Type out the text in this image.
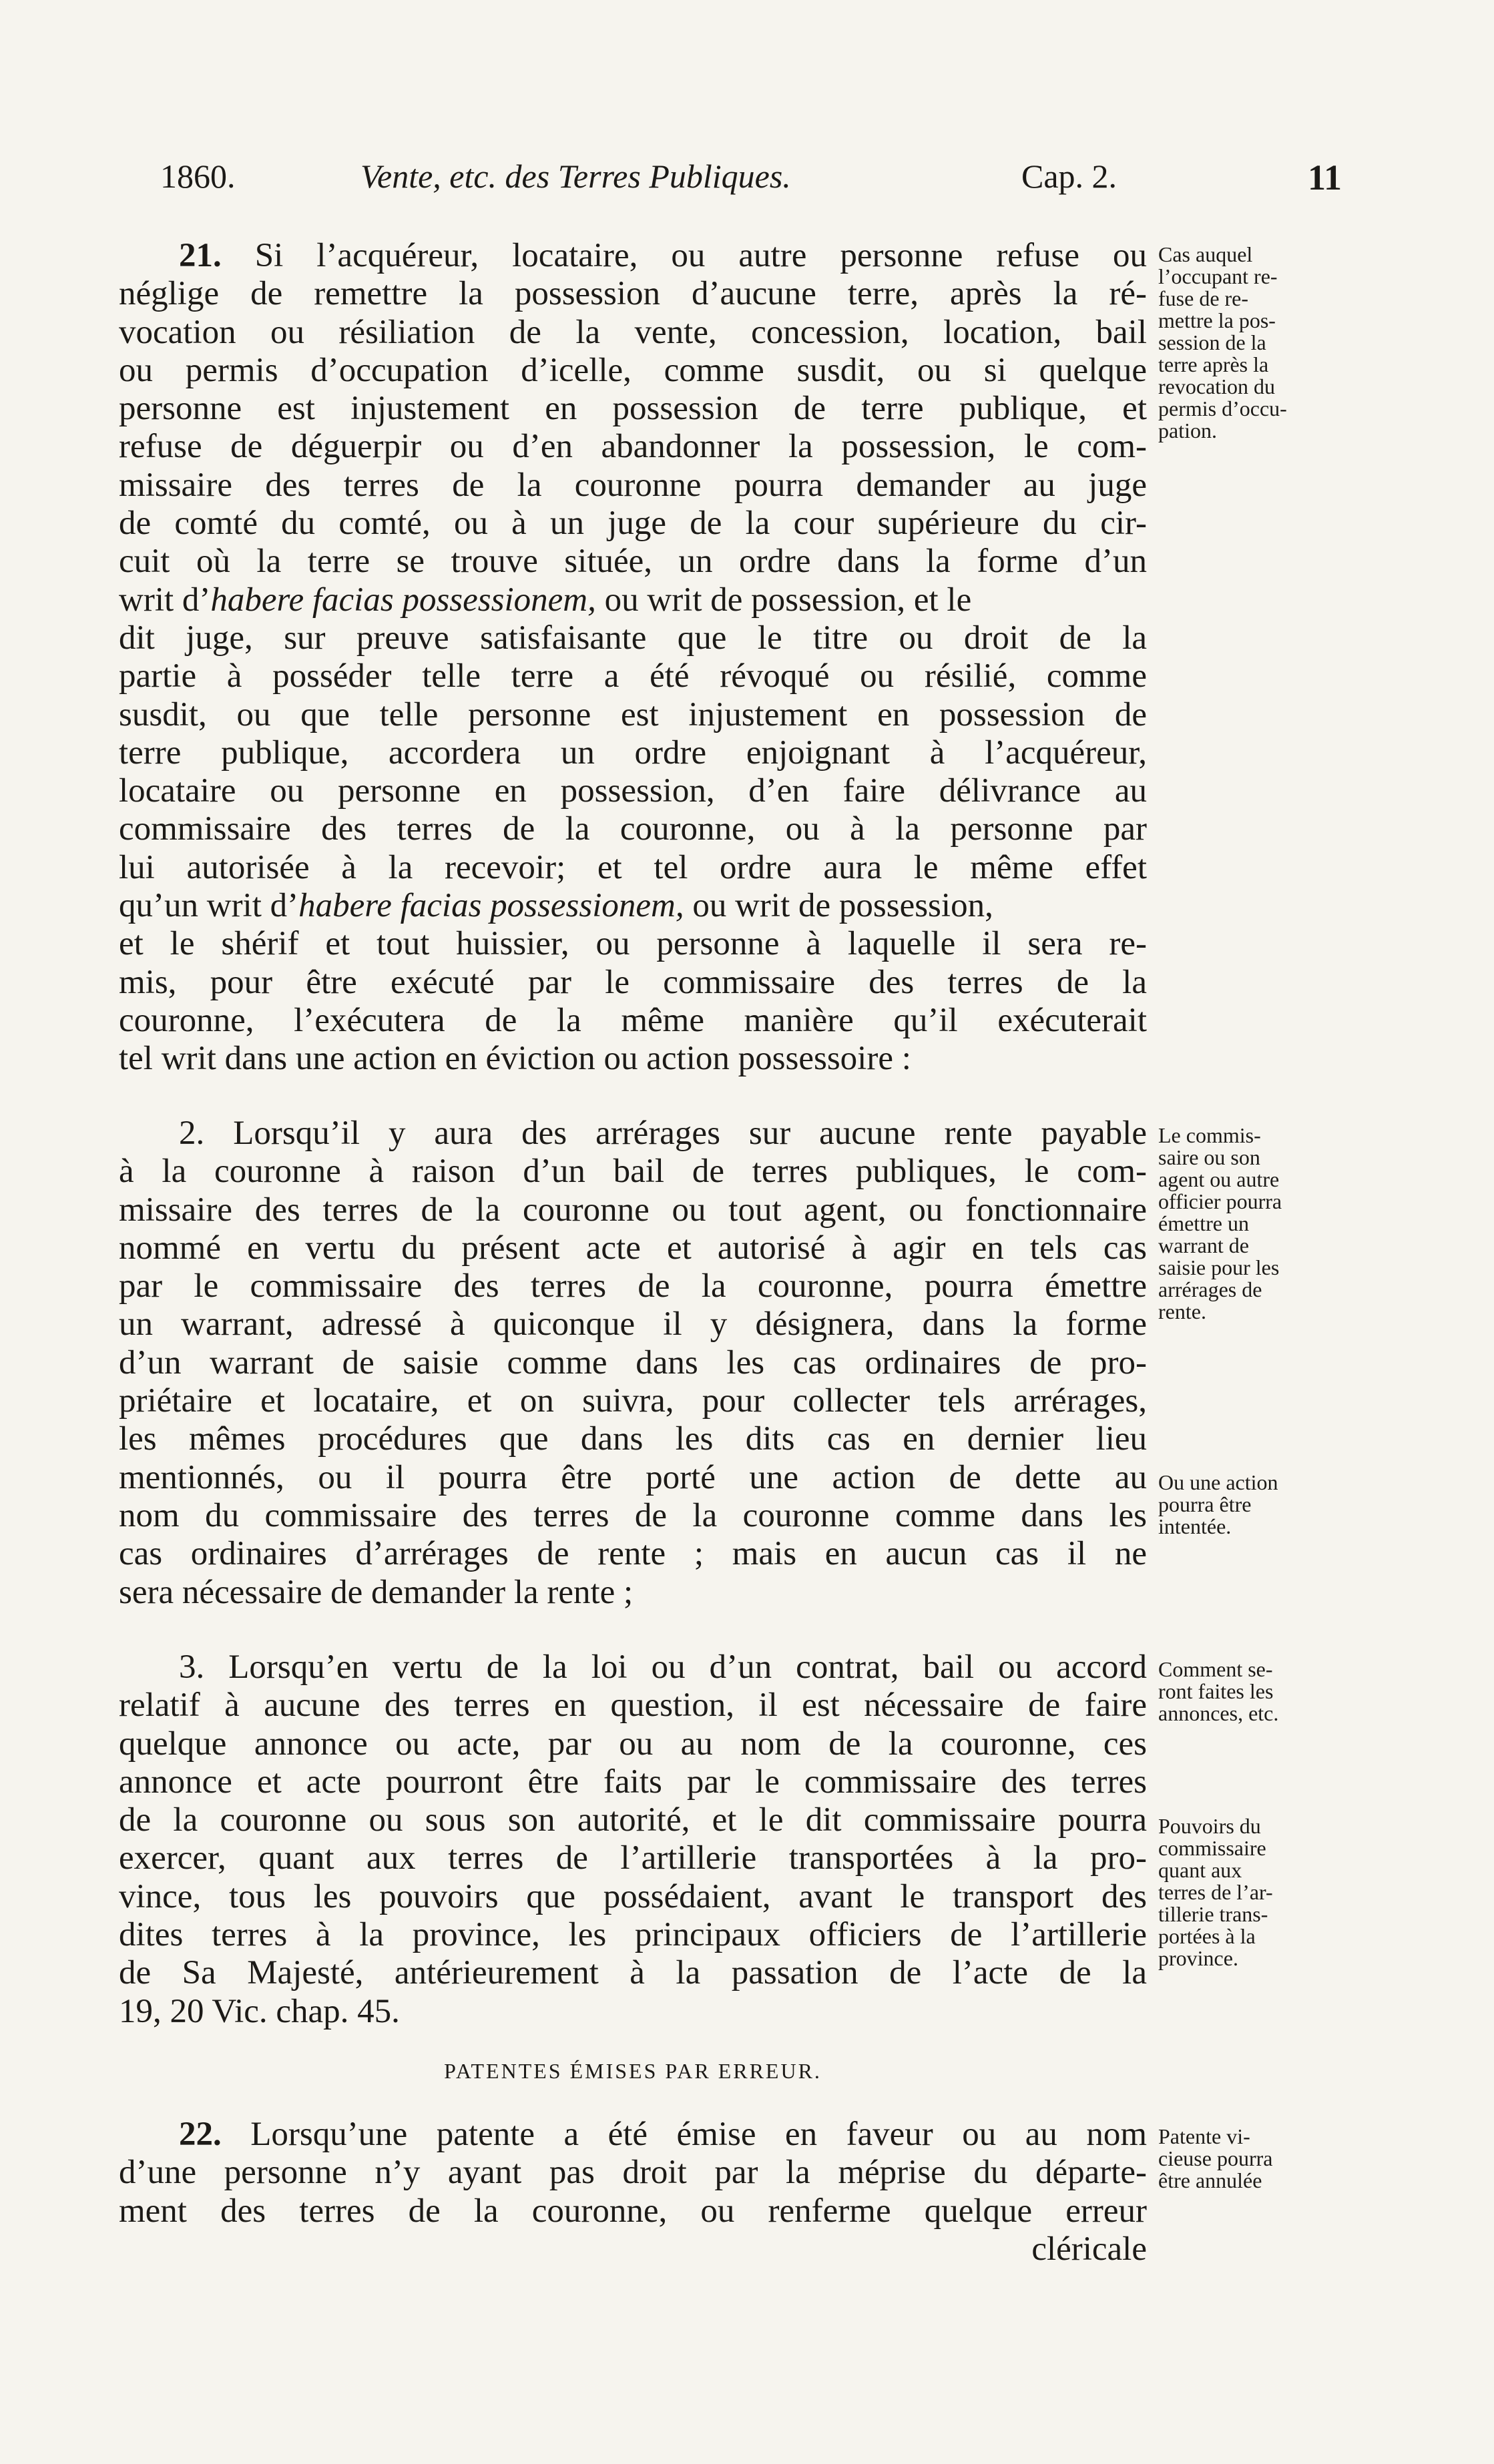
1860.	Vente, etc. des Terres Publiques.	Cap. 2.	11
21. Si l’acquéreur, locataire, ou autre personne refuse ou
néglige de remettre la possession d’aucune terre, après la ré-
vocation ou résiliation de la vente, concession, location, bail
ou permis d’occupation d’icelle, comme susdit, ou si quelque
personne est injustement en possession de terre publique, et
refuse de déguerpir ou d’en abandonner la possession, le com-
missaire des terres de la couronne pourra demander au juge
de comté du comté, ou à un juge de la cour supérieure du cir-
cuit où la terre se trouve située, un ordre dans la forme d’un
writ d’habere facias possessionem, ou writ de possession, et le
dit juge, sur preuve satisfaisante que le titre ou droit de la
partie à posséder telle terre a été révoqué ou résilié, comme
susdit, ou que telle personne est injustement en possession de
terre publique, accordera un ordre enjoignant à l’acquéreur,
locataire ou personne en possession, d’en faire délivrance au
commissaire des terres de la couronne, ou à la personne par
lui autorisée à la recevoir; et tel ordre aura le même effet
qu’un writ d’habere facias possessionem, ou writ de possession,
et le shérif et tout huissier, ou personne à laquelle il sera re-
mis, pour être exécuté par le commissaire des terres de la
couronne, l’exécutera de la même manière qu’il exécuterait
tel writ dans une action en éviction ou action possessoire :
Cas auquel
l’occupant re-
fuse de re-
mettre la pos-
session de la
terre après la
revocation du
permis d’occu-
pation.
2. Lorsqu’il y aura des arrérages sur aucune rente payable
à la couronne à raison d’un bail de terres publiques, le com-
missaire des terres de la couronne ou tout agent, ou fonctionnaire
nommé en vertu du présent acte et autorisé à agir en tels cas
par le commissaire des terres de la couronne, pourra émettre
un warrant, adressé à quiconque il y désignera, dans la forme
d’un warrant de saisie comme dans les cas ordinaires de pro-
priétaire et locataire, et on suivra, pour collecter tels arrérages,
les mêmes procédures que dans les dits cas en dernier lieu
mentionnés, ou il pourra être porté une action de dette au
nom du commissaire des terres de la couronne comme dans les
cas ordinaires d’arrérages de rente ; mais en aucun cas il ne
sera nécessaire de demander la rente ;
Le commis-
saire ou son
agent ou autre
officier pourra
émettre un
warrant de
saisie pour les
arrérages de
rente.
Ou une action
pourra être
intentée.
3. Lorsqu’en vertu de la loi ou d’un contrat, bail ou accord
relatif à aucune des terres en question, il est nécessaire de faire
quelque annonce ou acte, par ou au nom de la couronne, ces
annonce et acte pourront être faits par le commissaire des terres
de la couronne ou sous son autorité, et le dit commissaire pourra
exercer, quant aux terres de l’artillerie transportées à la pro-
vince, tous les pouvoirs que possédaient, avant le transport des
dites terres à la province, les principaux officiers de l’artillerie
de Sa Majesté, antérieurement à la passation de l’acte de la
19, 20 Vic. chap. 45.
Comment se-
ront faites les
annonces, etc.
Pouvoirs du
commissaire
quant aux
terres de l’ar-
tillerie trans-
portées à la
province.
PATENTES ÉMISES PAR ERREUR.
22. Lorsqu’une patente a été émise en faveur ou au nom
d’une personne n’y ayant pas droit par la méprise du départe-
ment des terres de la couronne, ou renferme quelque erreur
cléricale
Patente vi-
cieuse pourra
être annulée
